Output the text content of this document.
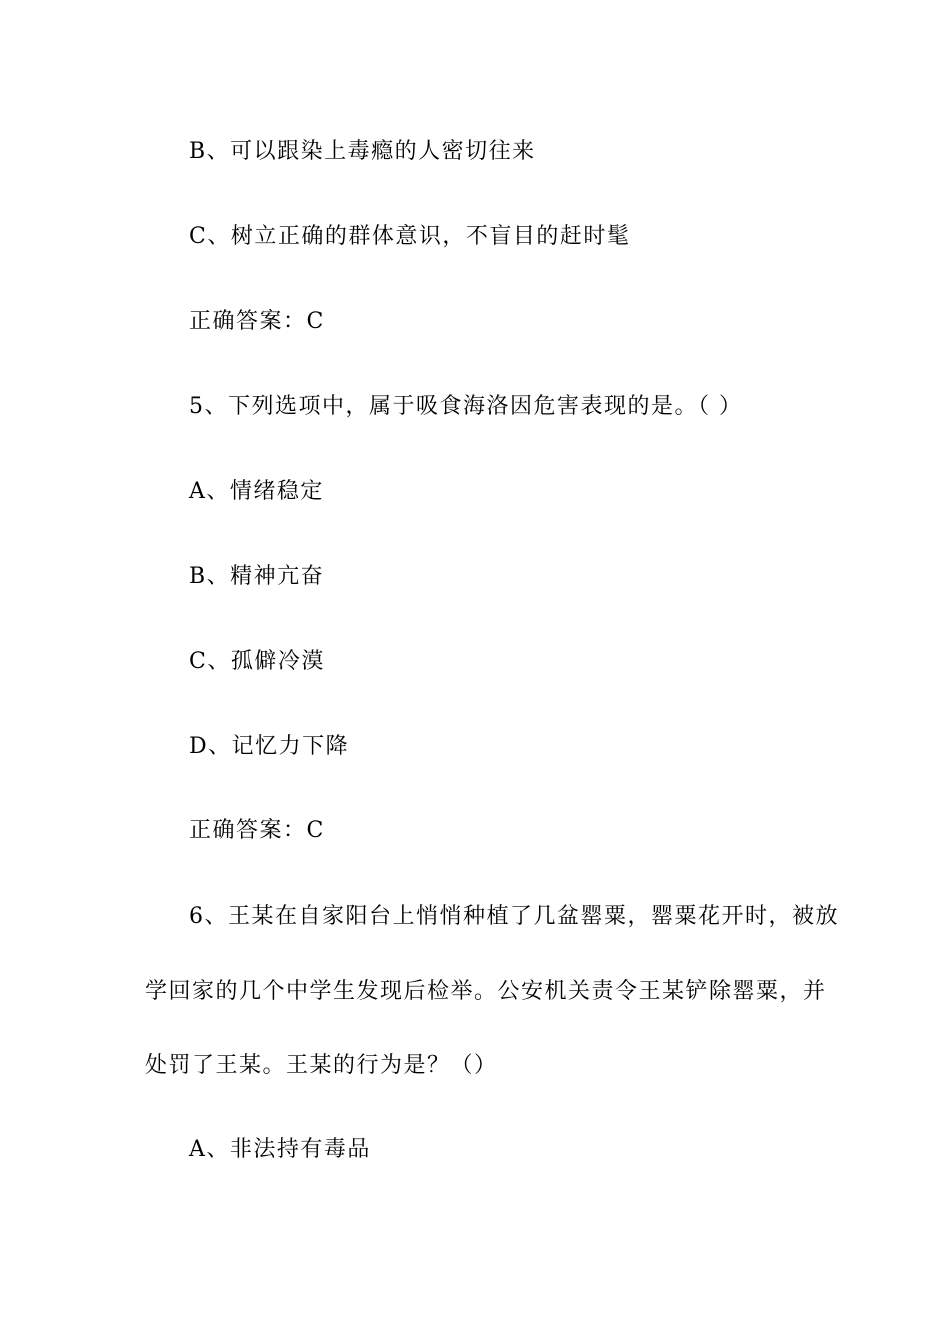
B、可以跟染上毒瘾的人密切往来
C、树立正确的群体意识，不盲目的赶时髦
正确答案：C
5、下列选项中，属于吸食海洛因危害表现的是。（ ）
A、情绪稳定
B、精神亢奋
C、孤僻冷漠
D、记忆力下降
正确答案：C
6、王某在自家阳台上悄悄种植了几盆罂粟，罂粟花开时，被放
学回家的几个中学生发现后检举。公安机关责令王某铲除罂粟，并
处罚了王某。王某的行为是？（）
A、非法持有毒品
